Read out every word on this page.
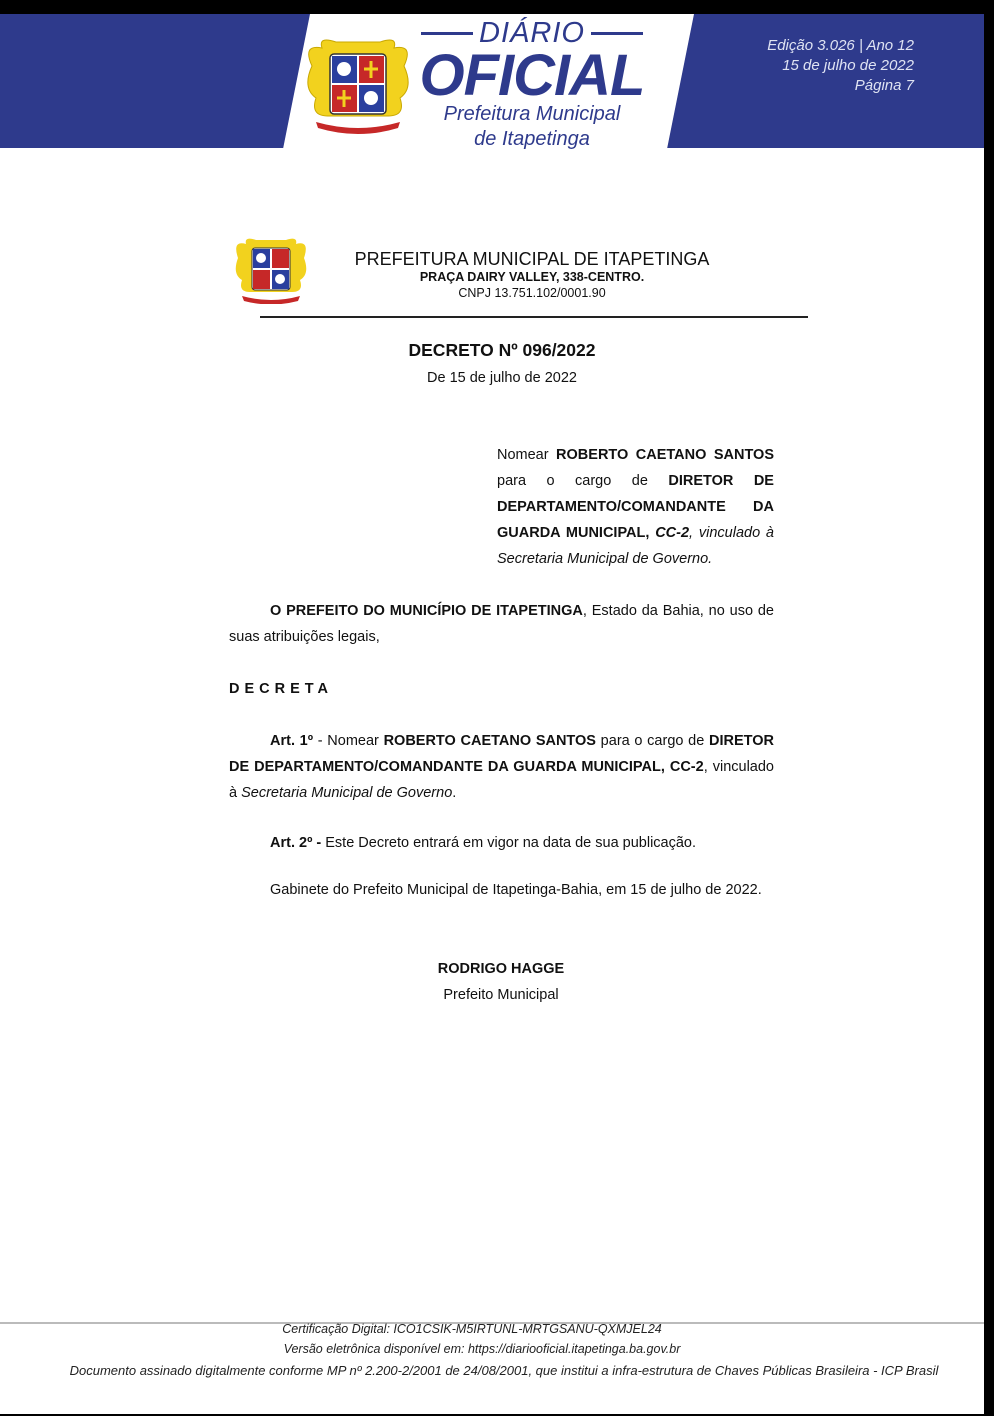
DIÁRIO
OFICIAL
Prefeitura Municipal
de Itapetinga
Edição 3.026 | Ano 12
15 de julho de 2022
Página 7
PREFEITURA MUNICIPAL DE ITAPETINGA
PRAÇA DAIRY VALLEY, 338-CENTRO.
CNPJ 13.751.102/0001.90
DECRETO Nº 096/2022
De 15 de julho de 2022
Nomear ROBERTO CAETANO SANTOS para o cargo de DIRETOR DE DEPARTAMENTO/COMANDANTE DA GUARDA MUNICIPAL, CC-2, vinculado à Secretaria Municipal de Governo.
O PREFEITO DO MUNICÍPIO DE ITAPETINGA, Estado da Bahia, no uso de suas atribuições legais,
DECRETA
Art. 1º - Nomear ROBERTO CAETANO SANTOS para o cargo de DIRETOR DE DEPARTAMENTO/COMANDANTE DA GUARDA MUNICIPAL, CC-2, vinculado à Secretaria Municipal de Governo.
Art. 2º - Este Decreto entrará em vigor na data de sua publicação.
Gabinete do Prefeito Municipal de Itapetinga-Bahia, em 15 de julho de 2022.
RODRIGO HAGGE
Prefeito Municipal
Certificação Digital: ICO1CSIK-M5IRTUNL-MRTGSANU-QXMJEL24
Versão eletrônica disponível em: https://diariooficial.itapetinga.ba.gov.br
Documento assinado digitalmente conforme MP nº 2.200-2/2001 de 24/08/2001, que institui a infra-estrutura de Chaves Públicas Brasileira - ICP Brasil
